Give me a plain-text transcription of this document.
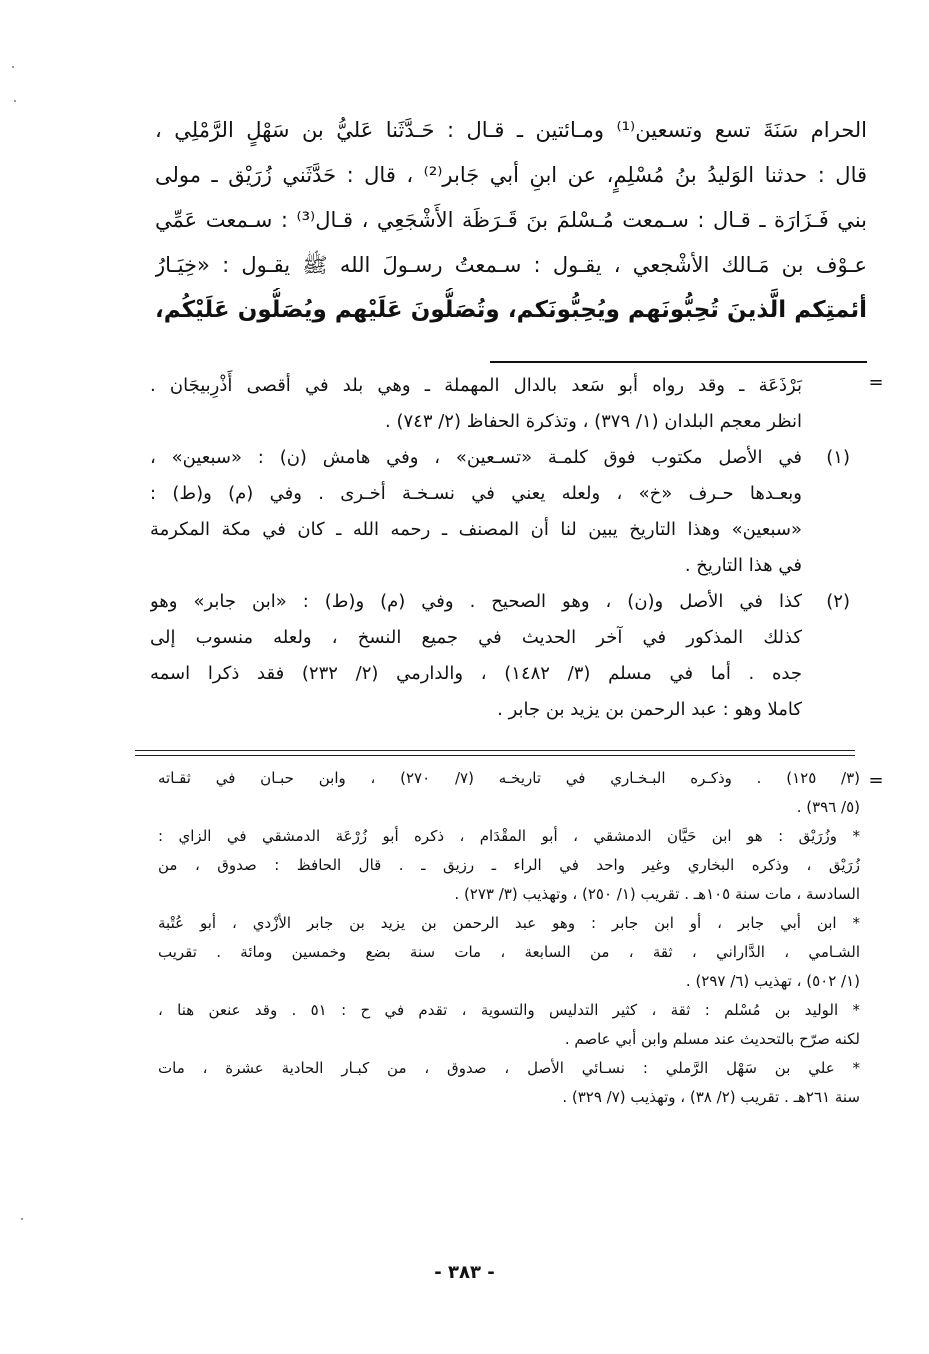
الحرام سَنَةَ تسع وتسعين⁽¹⁾ ومـائتين ـ قـال : حَـدَّثَنا عَليُّ بن سَهْلٍ الرَّمْلِي ،
قال : حدثنا الوَليدُ بنُ مُسْلِمٍ، عن ابنِ أبي جَابر⁽²⁾ ، قال : حَدَّثَني زُرَيْق ـ مولى
بني فَـزَارَة ـ قـال : سـمعت مُـسْلمَ بنَ قَـرَظَة الأَشْجَعِي ، قـال⁽³⁾ : سـمعت عَمِّي
عـوْف بن مَـالك الأشْجعي ، يقـول : سـمعتُ رسـولَ الله ﷺ يقـول : «خِيَـارُ
أئمتِكم الَّذينَ تُحِبُّونَهم ويُحِبُّونَكم، وتُصَلُّونَ عَلَيْهم ويُصَلُّون عَلَيْكُم،
=
بَرْذَعَة ـ وقد رواه أبو سَعد بالدال المهملة ـ وهي بلد في أقصى أَذْرِبيجَان .
انظر معجم البلدان (١/ ٣٧٩) ، وتذكرة الحفاظ (٢/ ٧٤٣) .
(١)في الأصل مكتوب فوق كلمـة «تسـعين» ، وفي هامش (ن) : «سبعين» ،
وبعـدها حـرف «خ» ، ولعله يعني في نسـخـة أخـرى . وفي (م) و(ط) :
«سبعين» وهذا التاريخ يبين لنا أن المصنف ـ رحمه الله ـ كان في مكة المكرمة
في هذا التاريخ .
(٢)كذا في الأصل و(ن) ، وهو الصحيح . وفي (م) و(ط) : «ابن جابر» وهو
كذلك المذكور في آخر الحديث في جميع النسخ ، ولعله منسوب إلى
جده . أما في مسلم (٣/ ١٤٨٢) ، والدارمي (٢/ ٢٣٢) فقد ذكرا اسمه
كاملا وهو : عبد الرحمن بن يزيد بن جابر .
=
(٣/ ١٢٥) . وذكـره البـخـاري في تاريخـه (٧/ ٢٧٠) ، وابن حبـان في ثقـاته
(٥/ ٣٩٦) .
* وزُرَيْق : هو ابن حَيَّان الدمشقي ، أبو المقْدَام ، ذكره أبو زُرْعَة الدمشقي في الزاي :
زُرَيْق ، وذكره البخاري وغير واحد في الراء ـ رزيق ـ . قال الحافظ : صدوق ، من
السادسة ، مات سنة ١٠٥هـ . تقريب (١/ ٢٥٠) ، وتهذيب (٣/ ٢٧٣) .
* ابن أبي جابر ، أو ابن جابر : وهو عبد الرحمن بن يزيد بن جابر الأزْدي ، أبو عُتْبة
الشـامي ، الدَّاراني ، ثقة ، من السابعة ، مات سنة بضع وخمسين ومائة . تقريب
(١/ ٥٠٢) ، تهذيب (٦/ ٢٩٧) .
* الوليد بن مُسْلم : ثقة ، كثير التدليس والتسوية ، تقدم في ح : ٥١ . وقد عنعن هنا ،
لكنه صرّح بالتحديث عند مسلم وابن أبي عاصم .
* علي بن سَهْل الرَّملي : نسـائي الأصل ، صدوق ، من كبـار الحادية عشرة ، مات
سنة ٢٦١هـ . تقريب (٢/ ٣٨) ، وتهذيب (٧/ ٣٢٩) .
- ٣٨٣ -
